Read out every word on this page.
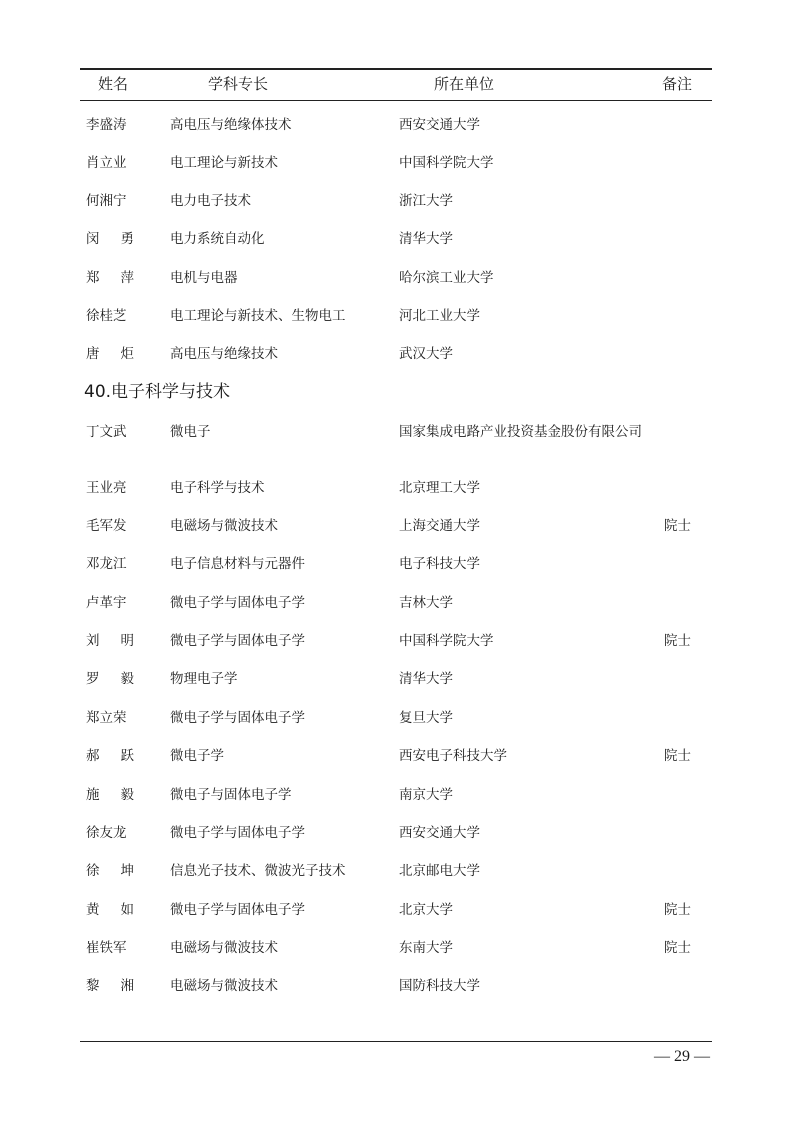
姓名	学科专长	所在单位	备注
李盛涛	高电压与绝缘体技术	西安交通大学
肖立业	电工理论与新技术	中国科学院大学
何湘宁	电力电子技术	浙江大学
闵勇	电力系统自动化	清华大学
郑萍	电机与电器	哈尔滨工业大学
徐桂芝	电工理论与新技术、生物电工	河北工业大学
唐炬	高电压与绝缘技术	武汉大学
丁文武	微电子	国家集成电路产业投资基金股份有限公司
王业亮	电子科学与技术	北京理工大学
毛军发	电磁场与微波技术	上海交通大学	院士
邓龙江	电子信息材料与元器件	电子科技大学
卢革宇	微电子学与固体电子学	吉林大学
刘明	微电子学与固体电子学	中国科学院大学	院士
罗毅	物理电子学	清华大学
郑立荣	微电子学与固体电子学	复旦大学
郝跃	微电子学	西安电子科技大学	院士
施毅	微电子与固体电子学	南京大学
徐友龙	微电子学与固体电子学	西安交通大学
徐坤	信息光子技术、微波光子技术	北京邮电大学
黄如	微电子学与固体电子学	北京大学	院士
崔铁军	电磁场与微波技术	东南大学	院士
黎湘	电磁场与微波技术	国防科技大学
40.电子科学与技术
— 29 —
